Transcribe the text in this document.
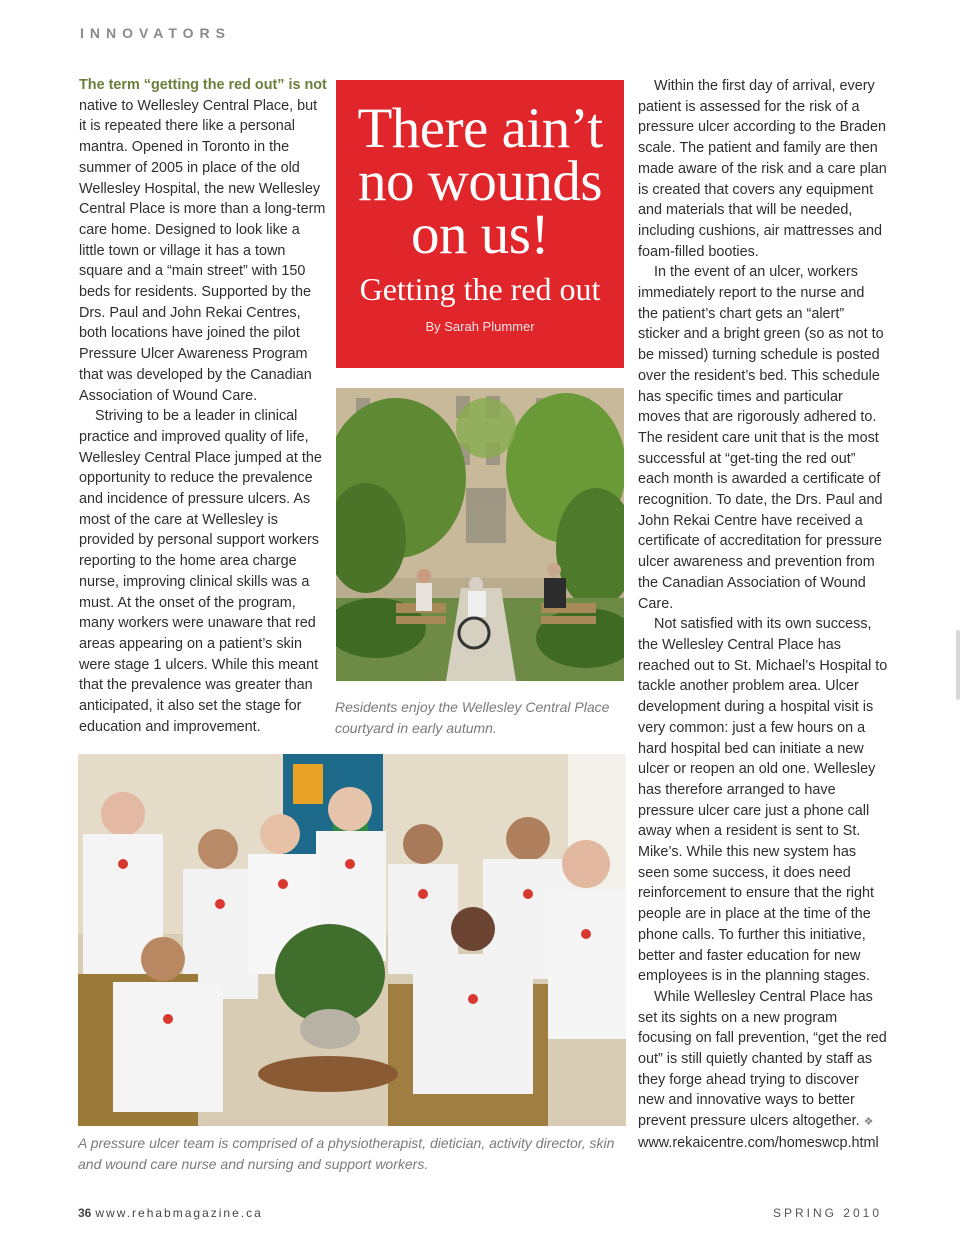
INNOVATORS

The term “getting the red out” is not native to Wellesley Central Place, but it is repeated there like a personal mantra. Opened in Toronto in the summer of 2005 in place of the old Wellesley Hospital, the new Wellesley Central Place is more than a long-term care home. Designed to look like a little town or village it has a town square and a “main street” with 150 beds for residents. Supported by the Drs. Paul and John Rekai Centres, both locations have joined the pilot Pressure Ulcer Awareness Program that was developed by the Canadian Association of Wound Care.

Striving to be a leader in clinical practice and improved quality of life, Wellesley Central Place jumped at the opportunity to reduce the prevalence and incidence of pressure ulcers. As most of the care at Wellesley is provided by personal support workers reporting to the home area charge nurse, improving clinical skills was a must. At the onset of the program, many workers were unaware that red areas appearing on a patient’s skin were stage 1 ulcers. While this meant that the prevalence was greater than anticipated, it also set the stage for education and improvement.

There ain’t no wounds on us!
Getting the red out
By Sarah Plummer
Residents enjoy the Wellesley Central Place courtyard in early autumn.
A pressure ulcer team is comprised of a physiotherapist, dietician, activity director, skin and wound care nurse and nursing and support workers.

Within the first day of arrival, every patient is assessed for the risk of a pressure ulcer according to the Braden scale. The patient and family are then made aware of the risk and a care plan is created that covers any equipment and materials that will be needed, including cushions, air mattresses and foam-filled booties.

In the event of an ulcer, workers immediately report to the nurse and the patient’s chart gets an “alert” sticker and a bright green (so as not to be missed) turning schedule is posted over the resident’s bed. This schedule has specific times and particular moves that are rigorously adhered to. The resident care unit that is the most successful at “get-ting the red out” each month is awarded a certificate of recognition. To date, the Drs. Paul and John Rekai Centre have received a certificate of accreditation for pressure ulcer awareness and prevention from the Canadian Association of Wound Care.

Not satisfied with its own success, the Wellesley Central Place has reached out to St. Michael’s Hospital to tackle another problem area. Ulcer development during a hospital visit is very common: just a few hours on a hard hospital bed can initiate a new ulcer or reopen an old one. Wellesley has therefore arranged to have pressure ulcer care just a phone call away when a resident is sent to St. Mike’s. While this new system has seen some success, it does need reinforcement to ensure that the right people are in place at the time of the phone calls. To further this initiative, better and faster education for new employees is in the planning stages.

While Wellesley Central Place has set its sights on a new program focusing on fall prevention, “get the red out” is still quietly chanted by staff as they forge ahead trying to discover new and innovative ways to better prevent pressure ulcers altogether. ❖

www.rekaicentre.com/homeswcp.html

36 www.rehabmagazine.ca	SPRING 2010
